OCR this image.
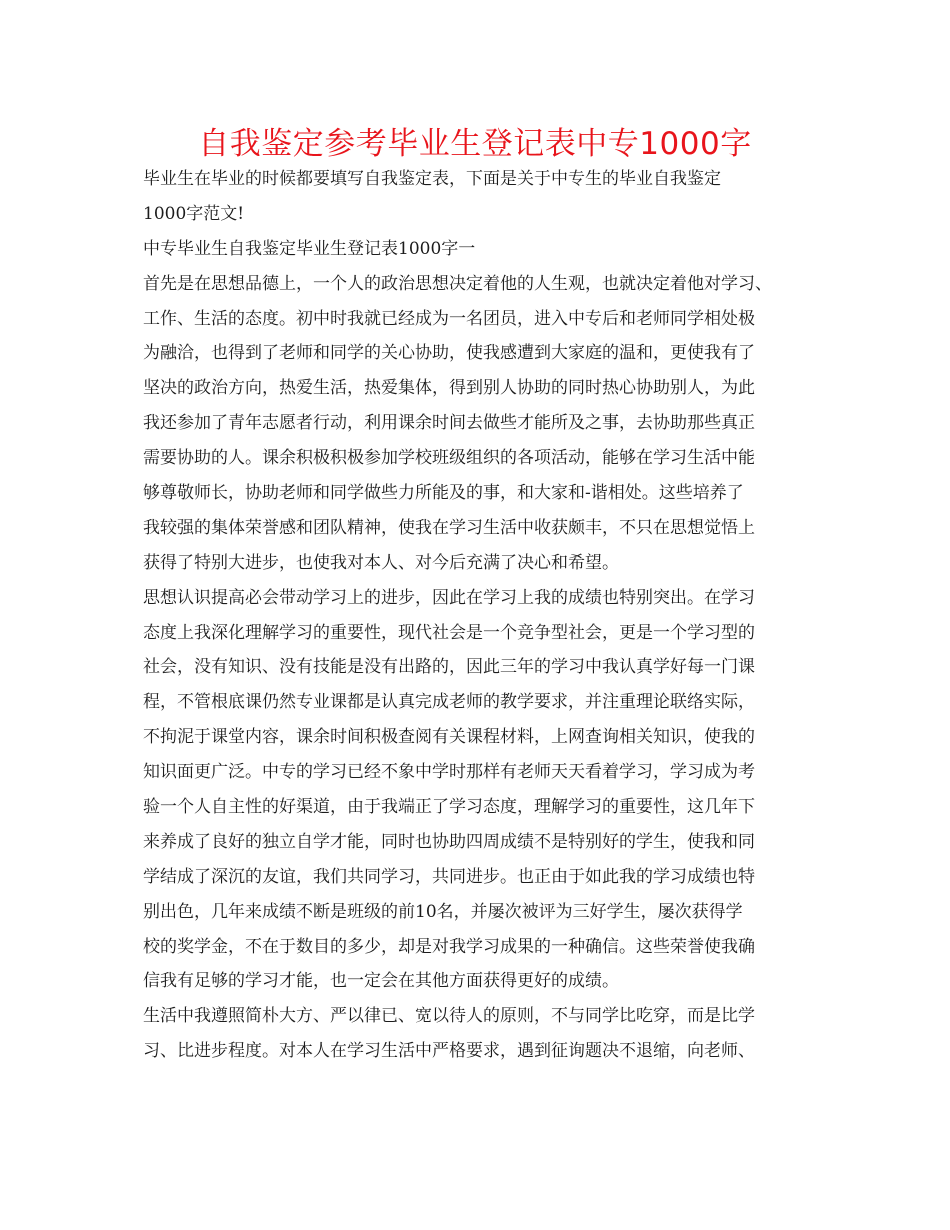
自我鉴定参考毕业生登记表中专1000字
毕业生在毕业的时候都要填写自我鉴定表，下面是关于中专生的毕业自我鉴定
1000字范文!
中专毕业生自我鉴定毕业生登记表1000字一
首先是在思想品德上，一个人的政治思想决定着他的人生观，也就决定着他对学习、
工作、生活的态度。初中时我就已经成为一名团员，进入中专后和老师同学相处极
为融洽，也得到了老师和同学的关心协助，使我感遭到大家庭的温和，更使我有了
坚决的政治方向，热爱生活，热爱集体，得到别人协助的同时热心协助别人，为此
我还参加了青年志愿者行动，利用课余时间去做些才能所及之事，去协助那些真正
需要协助的人。课余积极积极参加学校班级组织的各项活动，能够在学习生活中能
够尊敬师长，协助老师和同学做些力所能及的事，和大家和-谐相处。这些培养了
我较强的集体荣誉感和团队精神，使我在学习生活中收获颇丰，不只在思想觉悟上
获得了特别大进步，也使我对本人、对今后充满了决心和希望。
思想认识提高必会带动学习上的进步，因此在学习上我的成绩也特别突出。在学习
态度上我深化理解学习的重要性，现代社会是一个竞争型社会，更是一个学习型的
社会，没有知识、没有技能是没有出路的，因此三年的学习中我认真学好每一门课
程，不管根底课仍然专业课都是认真完成老师的教学要求，并注重理论联络实际，
不拘泥于课堂内容，课余时间积极查阅有关课程材料，上网查询相关知识，使我的
知识面更广泛。中专的学习已经不象中学时那样有老师天天看着学习，学习成为考
验一个人自主性的好渠道，由于我端正了学习态度，理解学习的重要性，这几年下
来养成了良好的独立自学才能，同时也协助四周成绩不是特别好的学生，使我和同
学结成了深沉的友谊，我们共同学习，共同进步。也正由于如此我的学习成绩也特
别出色，几年来成绩不断是班级的前10名，并屡次被评为三好学生，屡次获得学
校的奖学金，不在于数目的多少，却是对我学习成果的一种确信。这些荣誉使我确
信我有足够的学习才能，也一定会在其他方面获得更好的成绩。
生活中我遵照简朴大方、严以律已、宽以待人的原则，不与同学比吃穿，而是比学
习、比进步程度。对本人在学习生活中严格要求，遇到征询题决不退缩，向老师、
